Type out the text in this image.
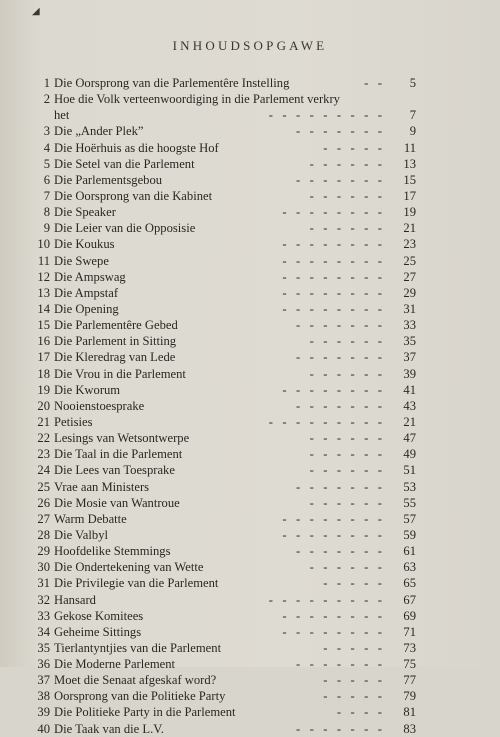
◢
INHOUDSOPGAWE
1 Die Oorsprong van die Parlementêre Instelling	-   -	5
2 Hoe die Volk verteenwoordiging in die Parlement verkry
het	-   -   -   -   -   -   -   -   -	7
3 Die „Ander Plek”	-   -   -   -   -   -   -	9
4 Die Hoërhuis as die hoogste Hof	-   -   -   -   -	11
5 Die Setel van die Parlement	-   -   -   -   -   -	13
6 Die Parlementsgebou	-   -   -   -   -   -   -	15
7 Die Oorsprong van die Kabinet	-   -   -   -   -   -	17
8 Die Speaker	-   -   -   -   -   -   -   -	19
9 Die Leier van die Opposisie	-   -   -   -   -   -	21
10 Die Koukus	-   -   -   -   -   -   -   -	23
11 Die Swepe	-   -   -   -   -   -   -   -	25
12 Die Ampswag	-   -   -   -   -   -   -   -	27
13 Die Ampstaf	-   -   -   -   -   -   -   -	29
14 Die Opening	-   -   -   -   -   -   -   -	31
15 Die Parlementêre Gebed	-   -   -   -   -   -   -	33
16 Die Parlement in Sitting	-   -   -   -   -   -	35
17 Die Kleredrag van Lede	-   -   -   -   -   -   -	37
18 Die Vrou in die Parlement	-   -   -   -   -   -	39
19 Die Kworum	-   -   -   -   -   -   -   -	41
20 Nooienstoesprake	-   -   -   -   -   -   -	43
21 Petisies	-   -   -   -   -   -   -   -   -	21
22 Lesings van Wetsontwerpe	-   -   -   -   -   -	47
23 Die Taal in die Parlement	-   -   -   -   -   -	49
24 Die Lees van Toesprake	-   -   -   -   -   -	51
25 Vrae aan Ministers	-   -   -   -   -   -   -	53
26 Die Mosie van Wantroue	-   -   -   -   -   -	55
27 Warm Debatte	-   -   -   -   -   -   -   -	57
28 Die Valbyl	-   -   -   -   -   -   -   -	59
29 Hoofdelike Stemmings	-   -   -   -   -   -   -	61
30 Die Ondertekening van Wette	-   -   -   -   -   -	63
31 Die Privilegie van die Parlement	-   -   -   -   -	65
32 Hansard	-   -   -   -   -   -   -   -   -	67
33 Gekose Komitees	-   -   -   -   -   -   -   -	69
34 Geheime Sittings	-   -   -   -   -   -   -   -	71
35 Tierlantyntjies van die Parlement	-   -   -   -   -	73
36 Die Moderne Parlement	-   -   -   -   -   -   -	75
37 Moet die Senaat afgeskaf word?	-   -   -   -   -	77
38 Oorsprong van die Politieke Party	-   -   -   -   -	79
39 Die Politieke Party in die Parlement	-   -   -   -	81
40 Die Taak van die L.V.	-   -   -   -   -   -   -	83
